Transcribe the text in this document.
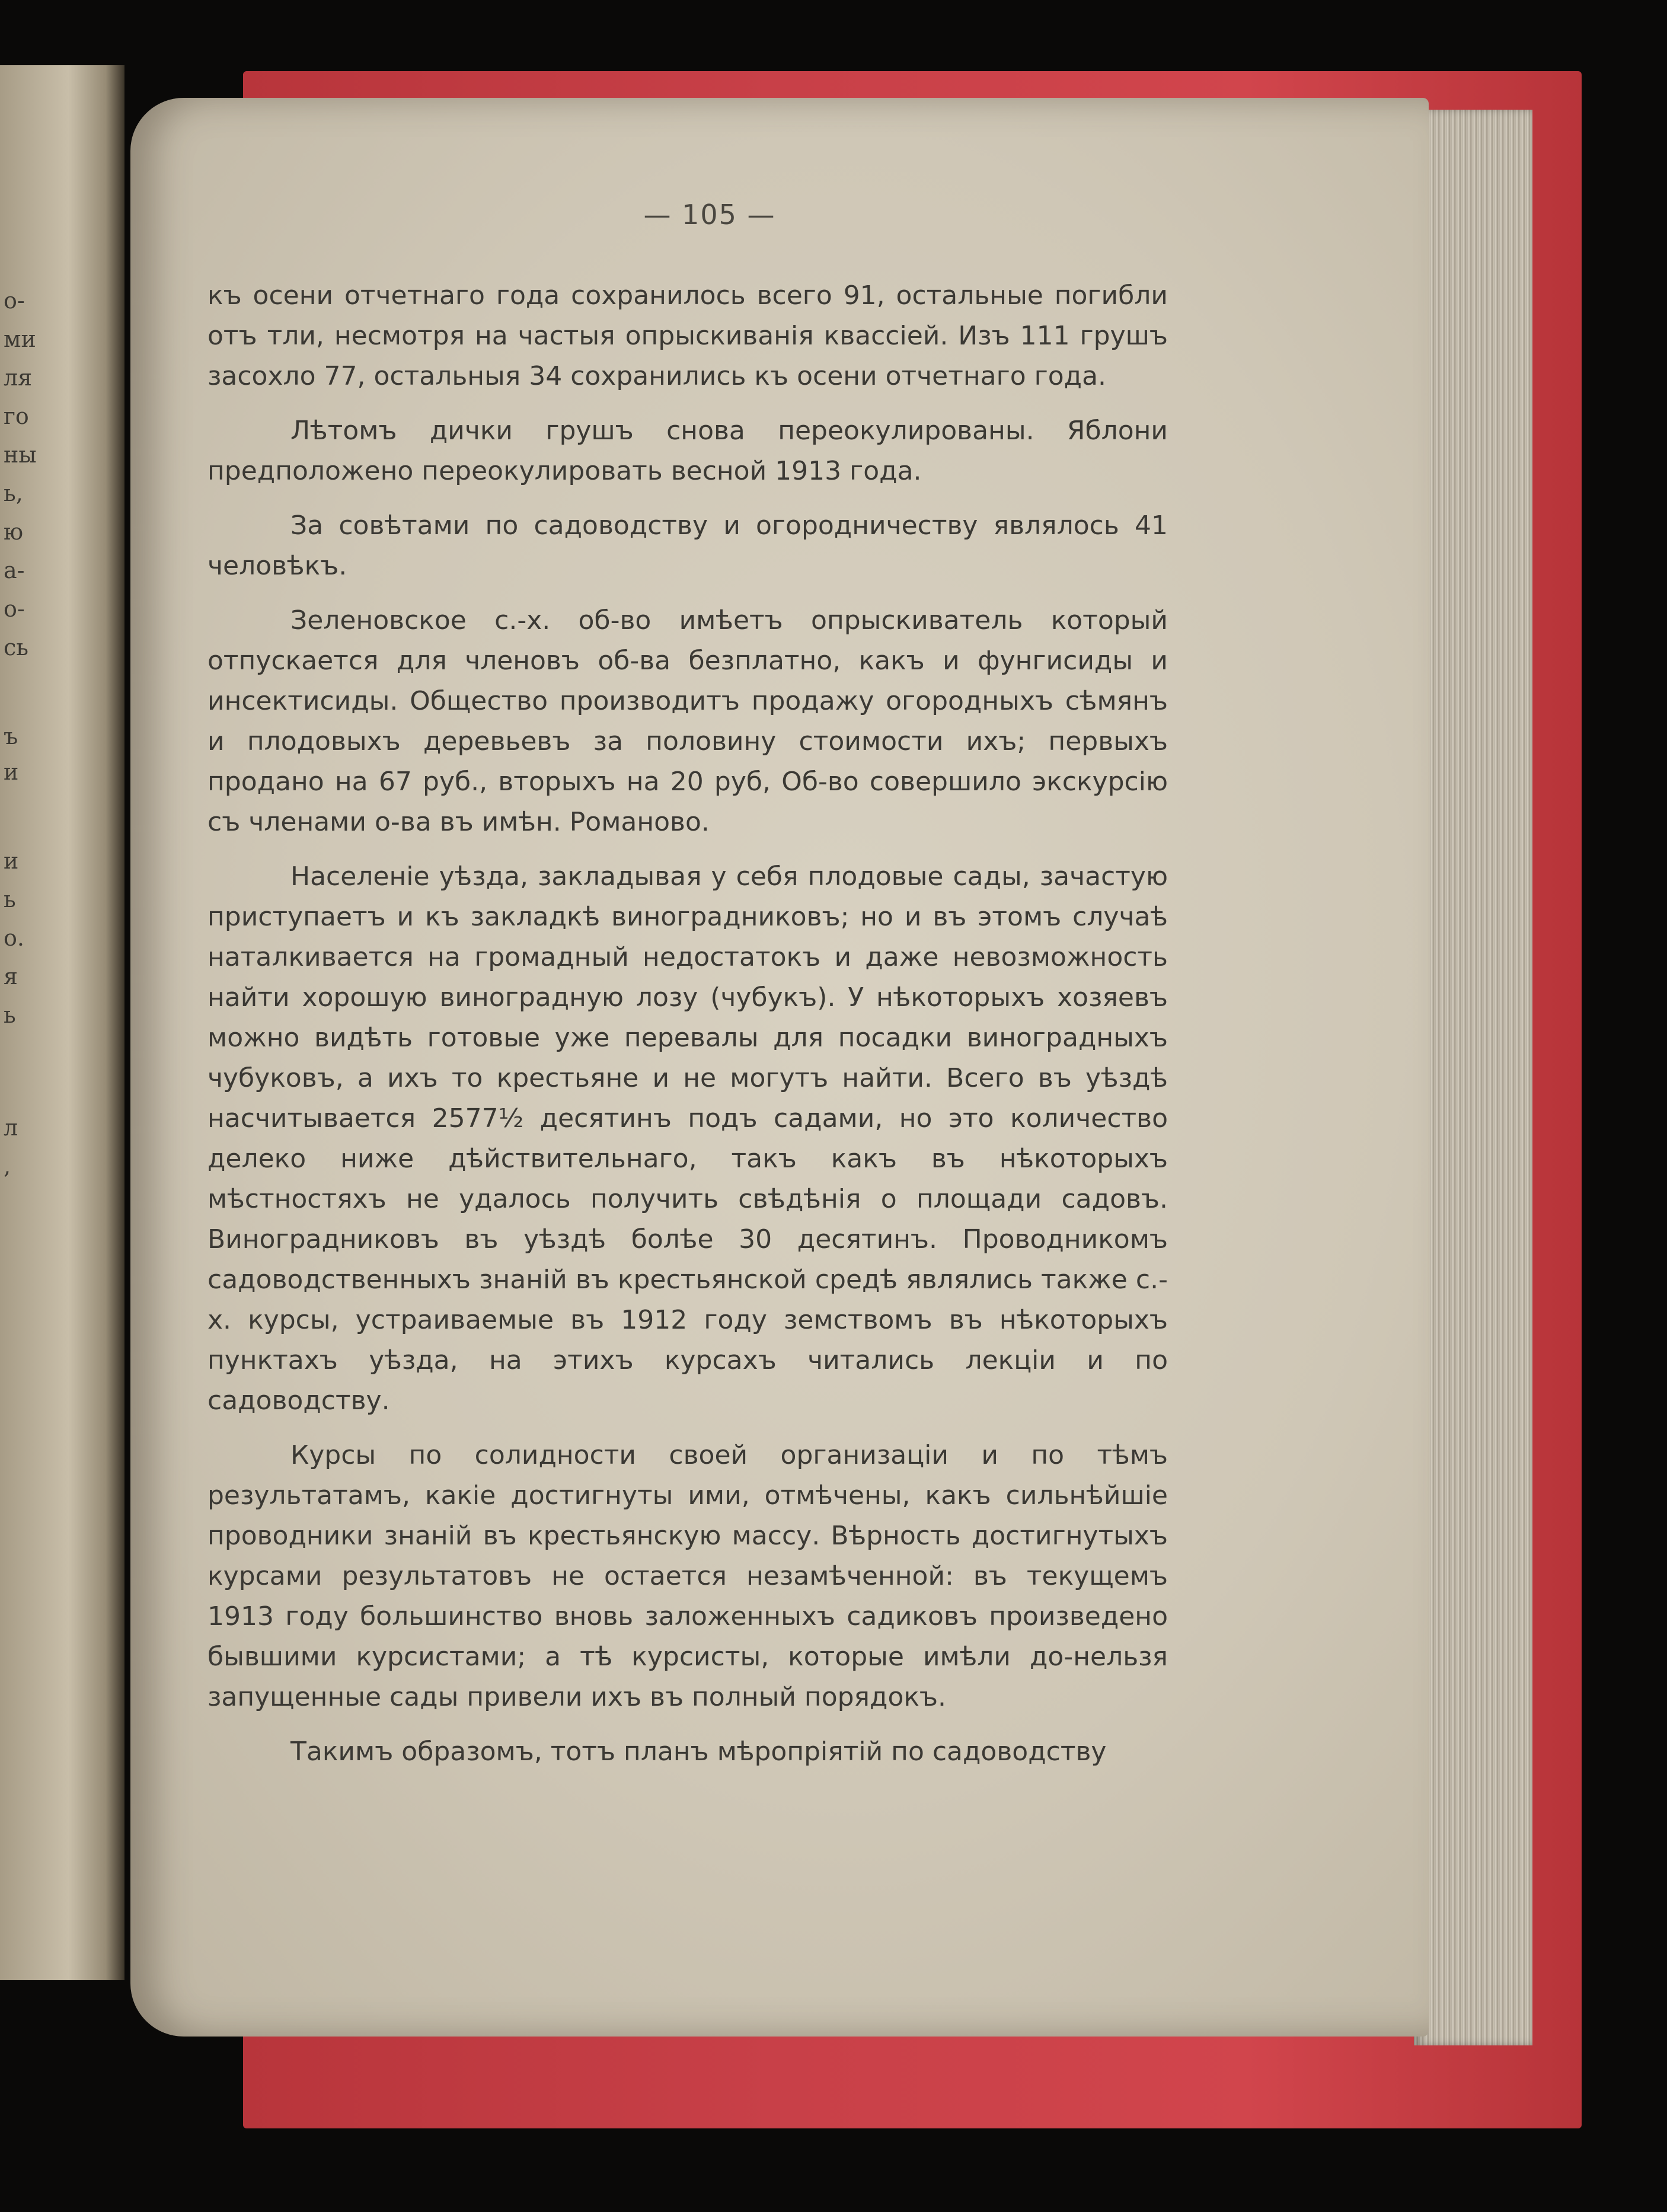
о-
ми
ля
го
ны
ь,
ю
а-
о-
сь
ъ
и
и
ь
о.
я
ь
л
,
— 105 —

къ осени отчетнаго года сохранилось всего 91, остальные погибли отъ тли, несмотря на частыя опрыскиванія квассіей. Изъ 111 грушъ засохло 77, остальныя 34 сохранились къ осени отчетнаго года.

Лѣтомъ дички грушъ снова переокулированы. Яблони предположено переокулировать весной 1913 года.

За совѣтами по садоводству и огородничеству являлось 41 человѣкъ.

Зеленовское с.-х. об-во имѣетъ опрыскиватель который отпускается для членовъ об-ва безплатно, какъ и фунгисиды и инсектисиды. Общество производитъ продажу огородныхъ сѣмянъ и плодовыхъ деревьевъ за половину стоимости ихъ; первыхъ продано на 67 руб., вторыхъ на 20 руб, Об-во совершило экскурсію съ членами о-ва въ имѣн. Романово.

Населеніе уѣзда, закладывая у себя плодовые сады, зачастую приступаетъ и къ закладкѣ виноградниковъ; но и въ этомъ случаѣ наталкивается на громадный недостатокъ и даже невозможность найти хорошую виноградную лозу (чубукъ). У нѣкоторыхъ хозяевъ можно видѣть готовые уже перевалы для посадки виноградныхъ чубуковъ, а ихъ то крестьяне и не могутъ найти. Всего въ уѣздѣ насчитывается 2577½ десятинъ подъ садами, но это количество делеко ниже дѣйствительнаго, такъ какъ въ нѣкоторыхъ мѣстностяхъ не удалось получить свѣдѣнія о площади садовъ. Виноградниковъ въ уѣздѣ болѣе 30 десятинъ. Проводникомъ садоводственныхъ знаній въ крестьянской средѣ являлись также с.-х. курсы, устраиваемые въ 1912 году земствомъ въ нѣкоторыхъ пунктахъ уѣзда, на этихъ курсахъ читались лекціи и по садоводству.

Курсы по солидности своей организаціи и по тѣмъ результатамъ, какіе достигнуты ими, отмѣчены, какъ сильнѣйшіе проводники знаній въ крестьянскую массу. Вѣрность достигнутыхъ курсами результатовъ не остается незамѣченной: въ текущемъ 1913 году большинство вновь заложенныхъ садиковъ произведено бывшими курсистами; а тѣ курсисты, которые имѣли до-нельзя запущенные сады привели ихъ въ полный порядокъ.

Такимъ образомъ, тотъ планъ мѣропріятій по садоводству
